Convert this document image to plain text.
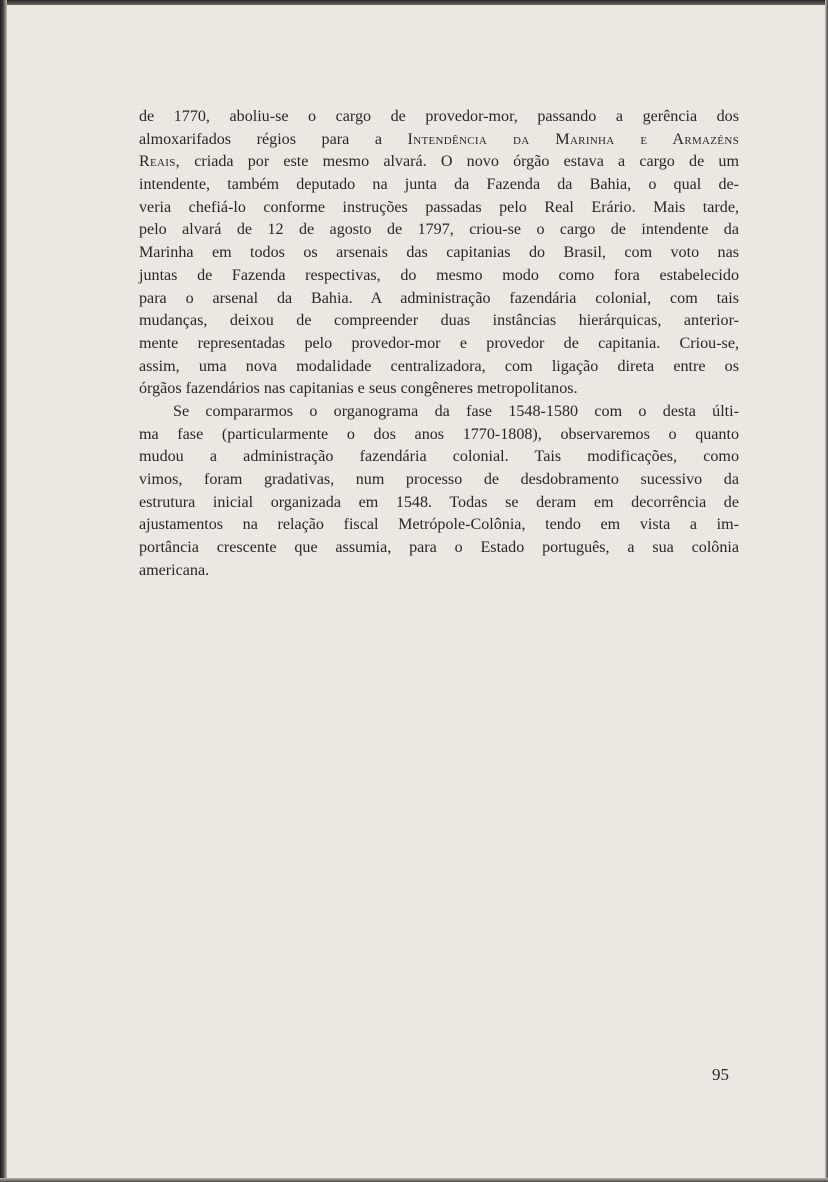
de 1770, aboliu-se o cargo de provedor-mor, passando a gerência dos
almoxarifados régios para a Intendência da Marinha e Armazéns
Reais, criada por este mesmo alvará. O novo órgão estava a cargo de um
intendente, também deputado na junta da Fazenda da Bahia, o qual de-
veria chefiá-lo conforme instruções passadas pelo Real Erário. Mais tarde,
pelo alvará de 12 de agosto de 1797, criou-se o cargo de intendente da
Marinha em todos os arsenais das capitanias do Brasil, com voto nas
juntas de Fazenda respectivas, do mesmo modo como fora estabelecido
para o arsenal da Bahia. A administração fazendária colonial, com tais
mudanças, deixou de compreender duas instâncias hierárquicas, anterior-
mente representadas pelo provedor-mor e provedor de capitania. Criou-se,
assim, uma nova modalidade centralizadora, com ligação direta entre os
órgãos fazendários nas capitanias e seus congêneres metropolitanos.

Se compararmos o organograma da fase 1548-1580 com o desta últi-
ma fase (particularmente o dos anos 1770-1808), observaremos o quanto
mudou a administração fazendária colonial. Tais modificações, como
vimos, foram gradativas, num processo de desdobramento sucessivo da
estrutura inicial organizada em 1548. Todas se deram em decorrência de
ajustamentos na relação fiscal Metrópole-Colônia, tendo em vista a im-
portância crescente que assumia, para o Estado português, a sua colônia
americana.

95
